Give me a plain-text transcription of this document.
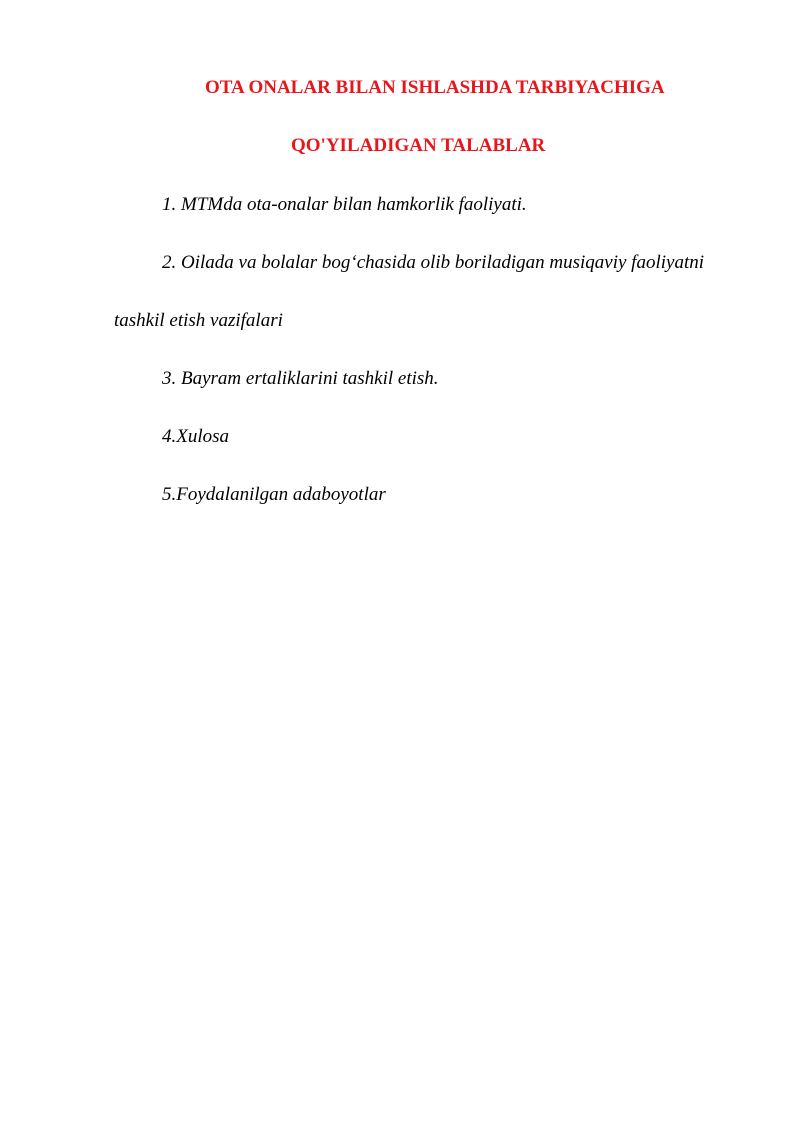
OTA ONALAR BILAN ISHLASHDA TARBIYACHIGA
QO'YILADIGAN TALABLAR
1. MTMda ota-onalar bilan hamkorlik faoliyati.
2. Oilada va bolalar bog‘chasida olib boriladigan musiqaviy faoliyatni
tashkil etish vazifalari
3. Bayram ertaliklarini tashkil etish.
4.Xulosa
5.Foydalanilgan adaboyotlar
